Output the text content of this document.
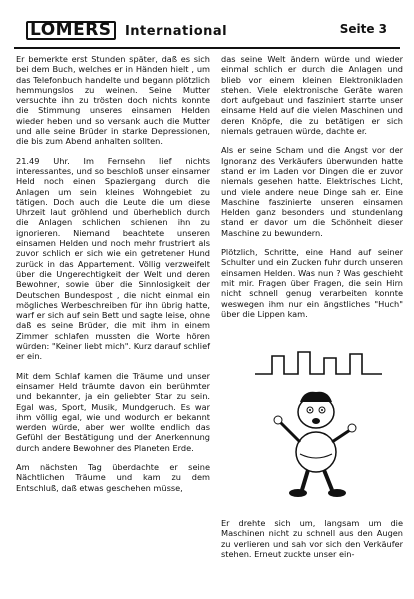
LOMERS International	Seite 3

Er bemerkte erst Stunden später, daß es sich bei dem Buch, welches er in Händen hielt , um das Telefonbuch handelte und begann plötzlich hemmungslos zu weinen. Seine Mutter versuchte ihn zu trösten doch nichts konnte die Stimmung unseres einsamen Helden wieder heben und so versank auch die Mutter und alle seine Brüder in starke Depressionen, die bis zum Abend anhalten sollten.

21.49 Uhr. Im Fernsehn lief nichts interessantes, und so beschloß unser einsamer Held noch einen Spaziergang durch die Anlagen um sein kleines Wohngebiet zu tätigen. Doch auch die Leute die um diese Uhrzeit laut gröhlend und überheblich durch die Anlagen schlichen schienen ihn zu ignorieren. Niemand beachtete unseren einsamen Helden und noch mehr frustriert als zuvor schlich er sich wie ein getretener Hund zurück in das Appartement. Völlig verzweifelt über die Ungerechtigkeit der Welt und deren Bewohner, sowie über die Sinnlosigkeit der Deutschen Bundespost , die nicht einmal ein mögliches Werbeschreiben für ihn übrig hatte, warf er sich auf sein Bett und sagte leise, ohne daß es seine Brüder, die mit ihm in einem Zimmer schlafen mussten die Worte hören würden: "Keiner liebt mich". Kurz darauf schlief er ein.

Mit dem Schlaf kamen die Träume und unser einsamer Held träumte davon ein berühmter und bekannter, ja ein geliebter Star zu sein. Egal was, Sport, Musik, Mundgeruch. Es war ihm völlig egal, wie und wodurch er bekannt werden würde, aber wer wollte endlich das Gefühl der Bestätigung und der Anerkennung durch andere Bewohner des Planeten Erde.

Am nächsten Tag überdachte er seine Nächtlichen Träume und kam zu dem Entschluß, daß etwas geschehen müsse,

das seine Welt ändern würde und wieder einmal schlich er durch die Anlagen und blieb vor einem kleinen Elektronikladen stehen. Viele elektronische Geräte waren dort aufgebaut und fasziniert starrte unser einsame Held auf die vielen Maschinen und deren Knöpfe, die zu betätigen er sich niemals getrauen würde, dachte er.

Als er seine Scham und die Angst vor der Ignoranz des Verkäufers überwunden hatte stand er im Laden vor Dingen die er zuvor niemals gesehen hatte. Elektrisches Licht, und viele andere neue Dinge sah er. Eine Maschine faszinierte unseren einsamen Helden ganz besonders und stundenlang stand er davor um die Schönheit dieser Maschine zu bewundern.

Plötzlich, Schritte, eine Hand auf seiner Schulter und ein Zucken fuhr durch unseren einsamen Helden. Was nun ? Was geschieht mit mir. Fragen über Fragen, die sein Hirn nicht schnell genug verarbeiten konnte weswegen ihm nur ein ängstliches "Huch" über die Lippen kam.

Er drehte sich um, langsam um die Maschinen nicht zu schnell aus den Augen zu verlieren und sah vor sich den Verkäufer stehen. Erneut zuckte unser ein-
